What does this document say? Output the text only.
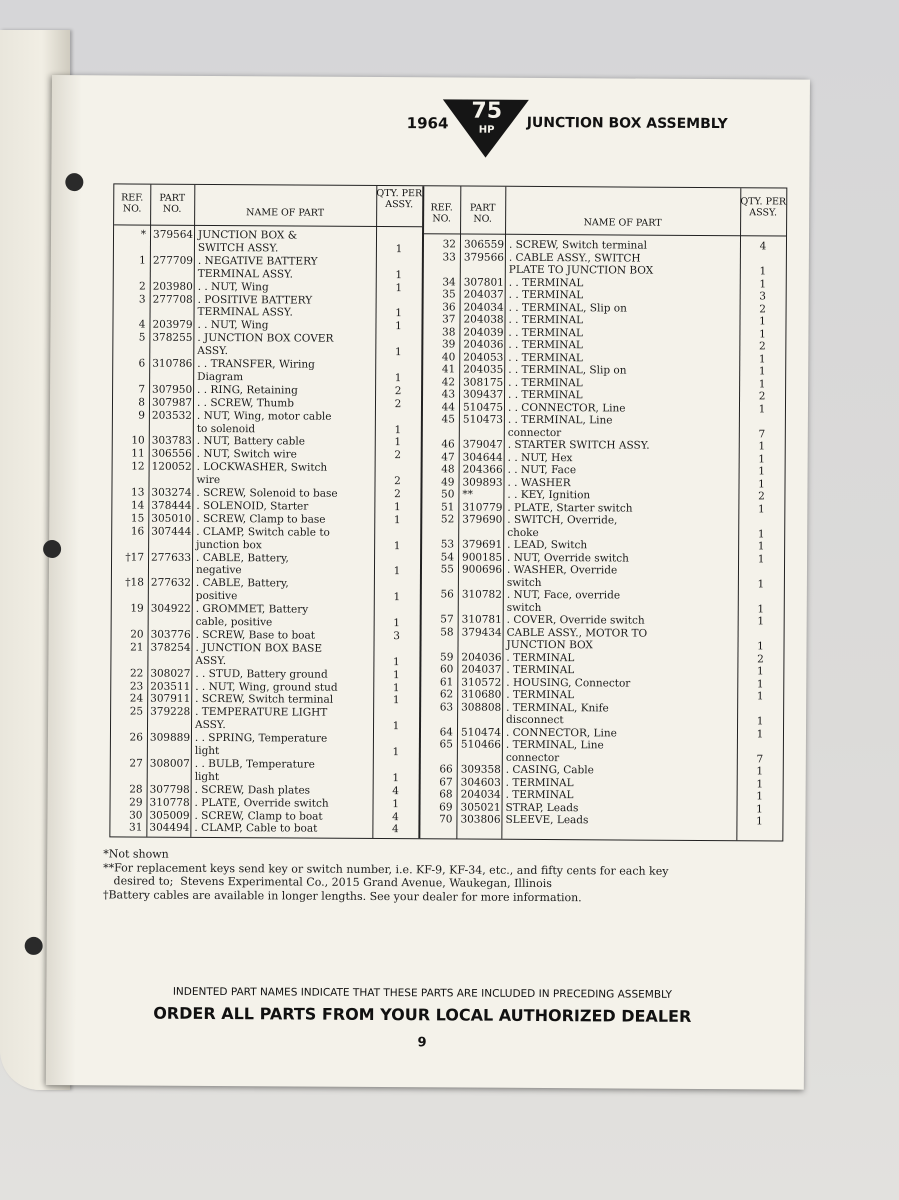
1964 75
HP	JUNCTION BOX ASSEMBLY
REF. NO.
PART NO.	NAME OF PART
QTY. PER ASSY.	REF. NO.
PART NO.	NAME OF PART
QTY. PER ASSY.
* 379564 JUNCTION BOX &
SWITCH ASSY.	1
1 277709 . NEGATIVE BATTERY
TERMINAL ASSY.	1
2 203980 . . NUT, Wing	1
3 277708 . POSITIVE BATTERY
TERMINAL ASSY.	1
4 203979 . . NUT, Wing	1
5 378255 . JUNCTION BOX COVER
ASSY.	1
6 310786 . . TRANSFER, Wiring
Diagram	1
7 307950 . . RING, Retaining	2
8 307987 . . SCREW, Thumb	2
9 203532 . NUT, Wing, motor cable
to solenoid	1
10 303783 . NUT, Battery cable	1
11 306556 . NUT, Switch wire	2
12 120052 . LOCKWASHER, Switch
wire	2
13 303274 . SCREW, Solenoid to base	2
14 378444 . SOLENOID, Starter	1
15 305010 . SCREW, Clamp to base	1
16 307444 . CLAMP, Switch cable to
junction box	1
†17 277633 . CABLE, Battery,
negative	1
†18 277632 . CABLE, Battery,
positive	1
19 304922 . GROMMET, Battery
cable, positive	1
20 303776 . SCREW, Base to boat	3
21 378254 . JUNCTION BOX BASE
ASSY.	1
22 308027 . . STUD, Battery ground	1
23 203511 . . NUT, Wing, ground stud	1
24 307911 . SCREW, Switch terminal	1
25 379228 . TEMPERATURE LIGHT
ASSY.	1
26 309889 . . SPRING, Temperature
light	1
27 308007 . . BULB, Temperature
light	1
28 307798 . SCREW, Dash plates	4
29 310778 . PLATE, Override switch	1
30 305009 . SCREW, Clamp to boat	4
31 304494 . CLAMP, Cable to boat	4
32 306559 . SCREW, Switch terminal	4
33 379566 . CABLE ASSY., SWITCH
PLATE TO JUNCTION BOX	1
34 307801 . . TERMINAL	1
35 204037 . . TERMINAL	3
36 204034 . . TERMINAL, Slip on	2
37 204038 . . TERMINAL	1
38 204039 . . TERMINAL	1
39 204036 . . TERMINAL	2
40 204053 . . TERMINAL	1
41 204035 . . TERMINAL, Slip on	1
42 308175 . . TERMINAL	1
43 309437 . . TERMINAL	2
44 510475 . . CONNECTOR, Line	1
45 510473 . . TERMINAL, Line
connector	7
46 379047 . STARTER SWITCH ASSY.	1
47 304644 . . NUT, Hex	1
48 204366 . . NUT, Face	1
49 309893 . . WASHER	1
50 **	. . KEY, Ignition	2
51 310779 . PLATE, Starter switch	1
52 379690 . SWITCH, Override,
choke	1
53 379691 . LEAD, Switch	1
54 900185 . NUT, Override switch	1
55 900696 . WASHER, Override
switch	1
56 310782 . NUT, Face, override
switch	1
57 310781 . COVER, Override switch	1
58 379434 CABLE ASSY., MOTOR TO
JUNCTION BOX	1
59 204036 . TERMINAL	2
60 204037 . TERMINAL	1
61 310572 . HOUSING, Connector	1
62 310680 . TERMINAL	1
63 308808 . TERMINAL, Knife
disconnect	1
64 510474 . CONNECTOR, Line	1
65 510466 . TERMINAL, Line
connector	7
66 309358 . CASING, Cable	1
67 304603 . TERMINAL	1
68 204034 . TERMINAL	1
69 305021 STRAP, Leads	1
70 303806 SLEEVE, Leads	1
*Not shown
**For replacement keys send key or switch number, i.e. KF-9, KF-34, etc., and fifty cents for each key
desired to;  Stevens Experimental Co., 2015 Grand Avenue, Waukegan, Illinois
†Battery cables are available in longer lengths. See your dealer for more information.
INDENTED PART NAMES INDICATE THAT THESE PARTS ARE INCLUDED IN PRECEDING ASSEMBLY
ORDER ALL PARTS FROM YOUR LOCAL AUTHORIZED DEALER
9
